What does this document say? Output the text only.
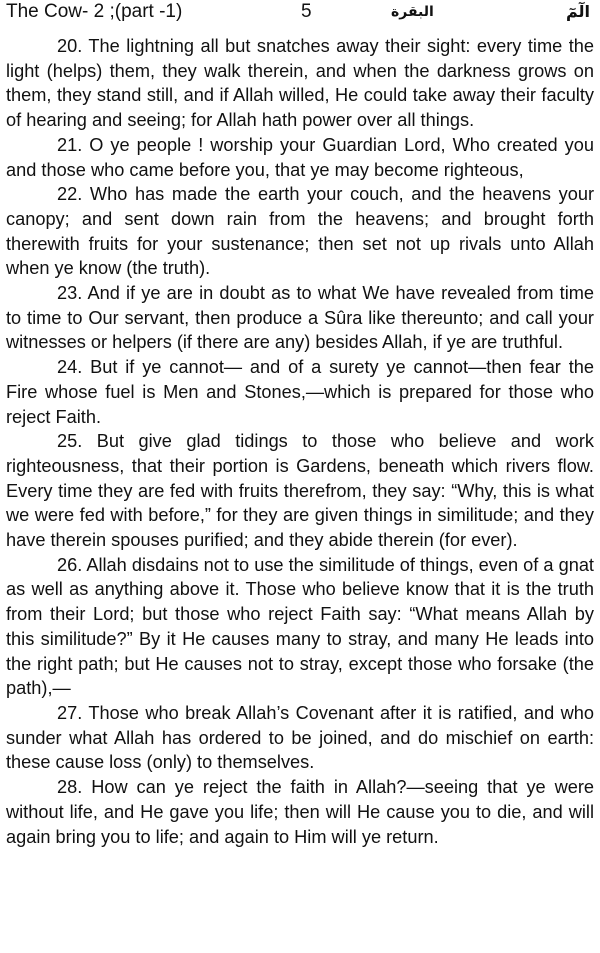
The Cow- 2 ;(part -1)	5	البقرة	الٓمٓ

20. The lightning all but snatches away their sight: every time the light (helps) them, they walk therein, and when the darkness grows on them, they stand still, and if Allah willed, He could take away their faculty of hearing and seeing; for Allah hath power over all things.

21. O ye people ! worship your Guardian Lord, Who created you and those who came before you, that ye may become righteous,

22. Who has made the earth your couch, and the heavens your canopy; and sent down rain from the heavens; and brought forth therewith fruits for your sustenance; then set not up rivals unto Allah when ye know (the truth).

23. And if ye are in doubt as to what We have revealed from time to time to Our servant, then produce a Sûra like thereunto; and call your witnesses or helpers (if there are any) besides Allah, if ye are truthful.

24. But if ye cannot— and of a surety ye cannot—then fear the Fire whose fuel is Men and Stones,—which is prepared for those who reject Faith.

25. But give glad tidings to those who believe and work righteousness, that their portion is Gardens, beneath which rivers flow. Every time they are fed with fruits therefrom, they say: “Why, this is what we were fed with before,” for they are given things in similitude; and they have therein spouses purified; and they abide therein (for ever).

26. Allah disdains not to use the similitude of things, even of a gnat as well as anything above it. Those who believe know that it is the truth from their Lord; but those who reject Faith say: “What means Allah by this similitude?” By it He causes many to stray, and many He leads into the right path; but He causes not to stray, except those who forsake (the path),—

27. Those who break Allah’s Covenant after it is ratified, and who sunder what Allah has ordered to be joined, and do mischief on earth: these cause loss (only) to themselves.

28. How can ye reject the faith in Allah?—seeing that ye were without life, and He gave you life; then will He cause you to die, and will again bring you to life; and again to Him will ye return.
